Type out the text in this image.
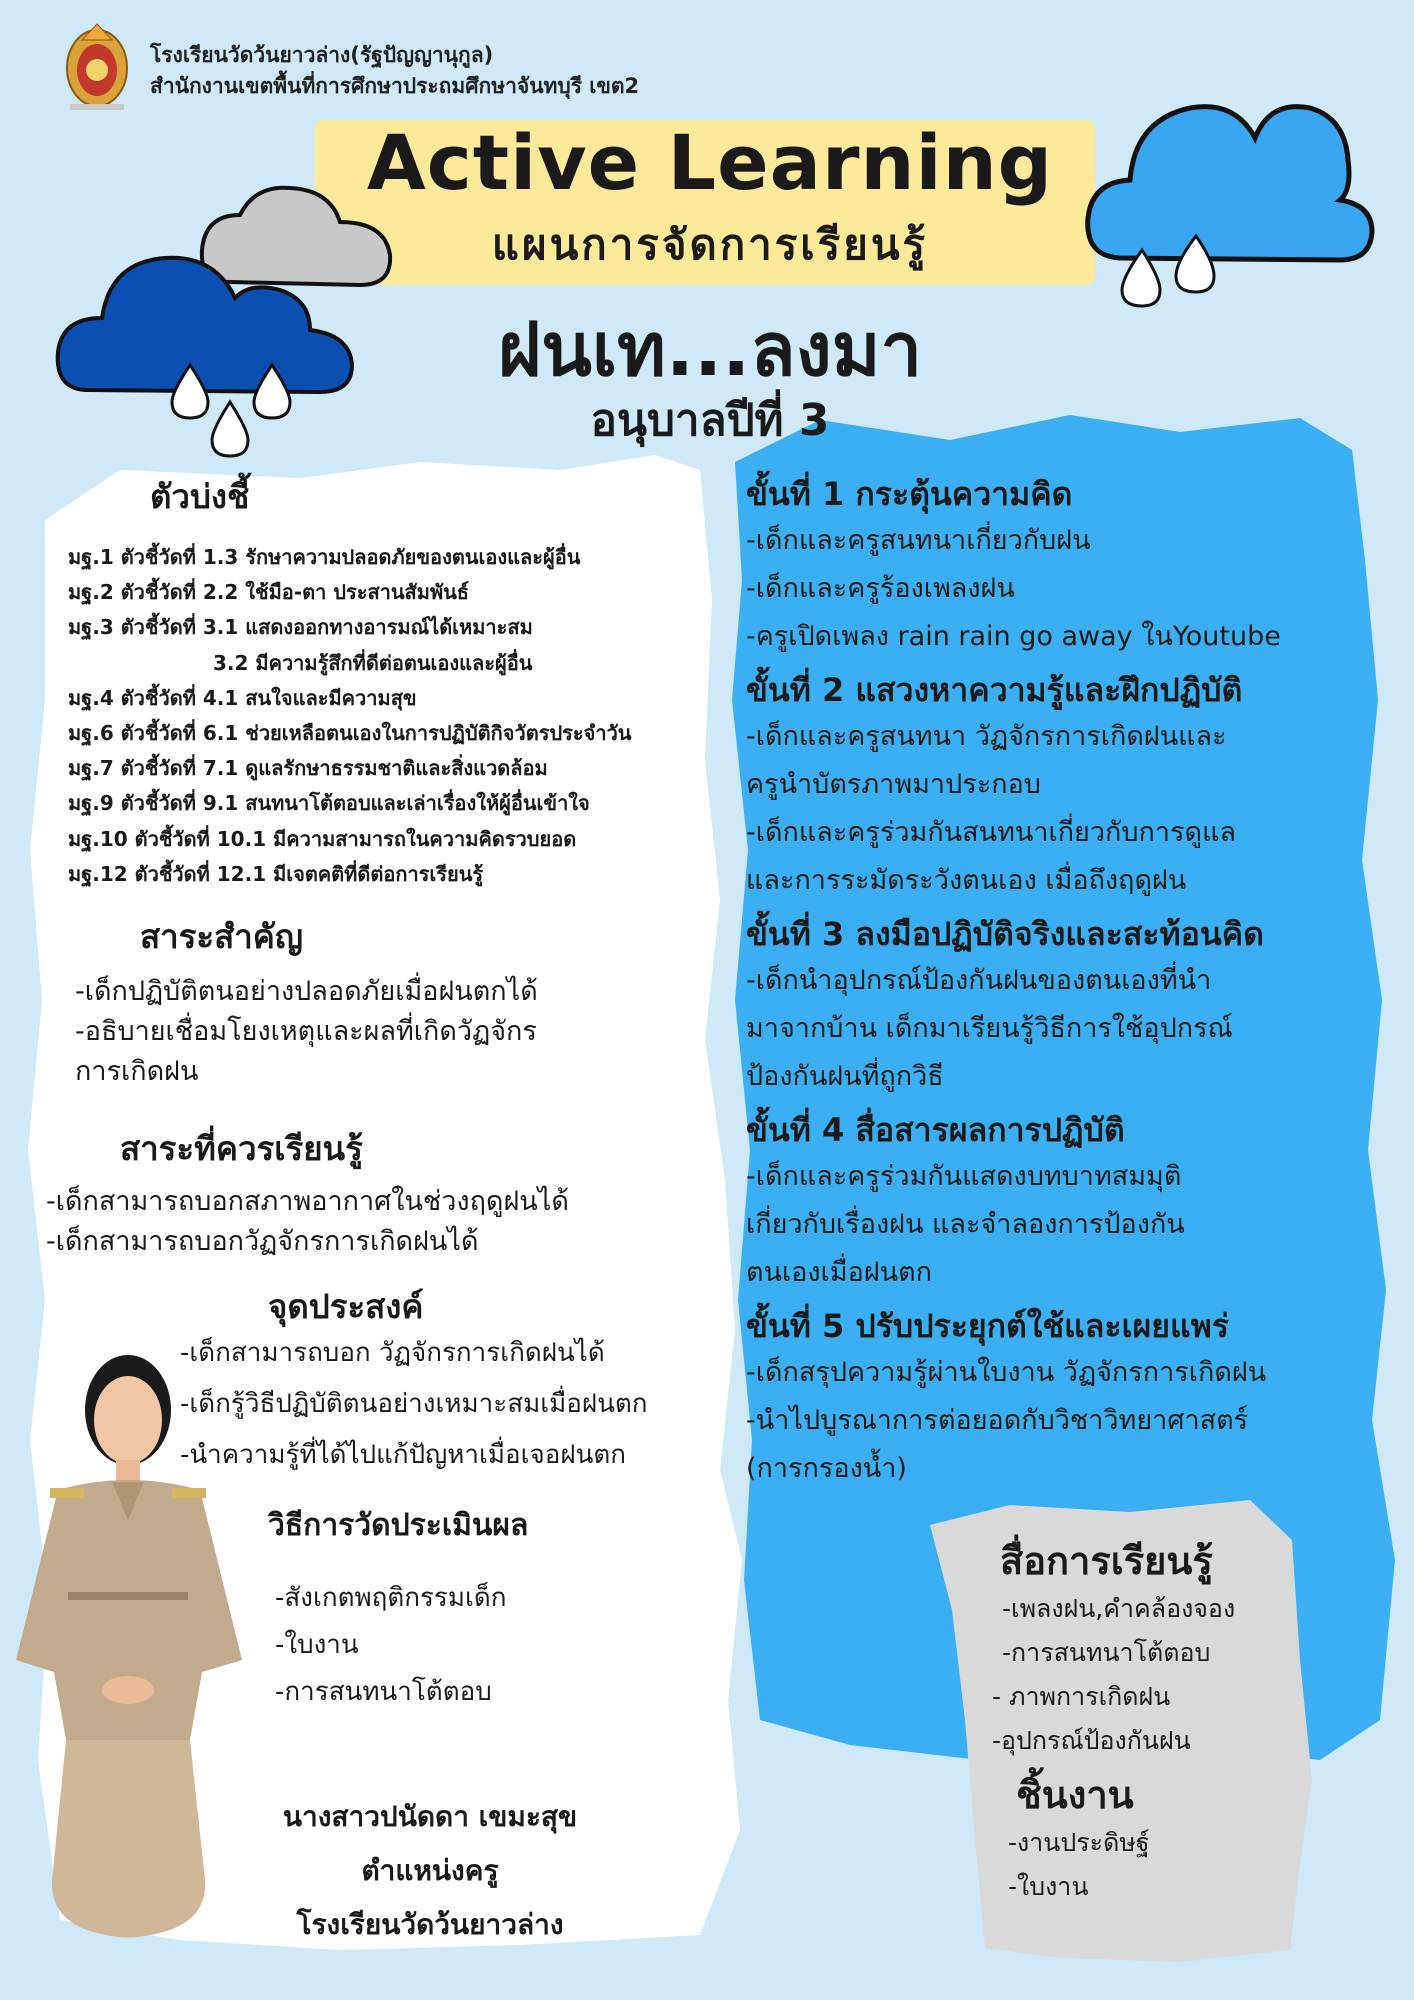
โรงเรียนวัดว้นยาวล่าง(รัฐปัญญานุกูล)
สำนักงานเขตพื้นที่การศึกษาประถมศึกษาจันทบุรี เขต2
Active Learning
แผนการจัดการเรียนรู้
ฝนเท...ลงมา
อนุบาลปีที่ 3
ตัวบ่งชี้
มฐ.1 ตัวชี้วัดที่ 1.3 รักษาความปลอดภัยของตนเองและผู้อื่น
มฐ.2 ตัวชี้วัดที่ 2.2 ใช้มือ-ตา ประสานสัมพันธ์
มฐ.3 ตัวชี้วัดที่ 3.1 แสดงออกทางอารมณ์ได้เหมาะสม
3.2 มีความรู้สึกที่ดีต่อตนเองและผู้อื่น
มฐ.4 ตัวชี้วัดที่ 4.1 สนใจและมีความสุข
มฐ.6 ตัวชี้วัดที่ 6.1 ช่วยเหลือตนเองในการปฏิบัติกิจวัตรประจำวัน
มฐ.7 ตัวชี้วัดที่ 7.1 ดูแลรักษาธรรมชาติและสิ่งแวดล้อม
มฐ.9 ตัวชี้วัดที่ 9.1 สนทนาโต้ตอบและเล่าเรื่องให้ผู้อื่นเข้าใจ
มฐ.10 ตัวชี้วัดที่ 10.1 มีความสามารถในความคิดรวบยอด
มฐ.12 ตัวชี้วัดที่ 12.1 มีเจตคติที่ดีต่อการเรียนรู้
สาระสำคัญ
-เด็กปฏิบัติตนอย่างปลอดภัยเมื่อฝนตกได้
-อธิบายเชื่อมโยงเหตุและผลที่เกิดวัฏจักร
การเกิดฝน
สาระที่ควรเรียนรู้
-เด็กสามารถบอกสภาพอากาศในช่วงฤดูฝนได้
-เด็กสามารถบอกวัฏจักรการเกิดฝนได้
จุดประสงค์
-เด็กสามารถบอก วัฏจักรการเกิดฝนได้
-เด็กรู้วิธีปฏิบัติตนอย่างเหมาะสมเมื่อฝนตก
-นำความรู้ที่ได้ไปแก้ปัญหาเมื่อเจอฝนตก
วิธีการวัดประเมินผล
-สังเกตพฤติกรรมเด็ก
-ใบงาน
-การสนทนาโต้ตอบ
นางสาวปนัดดา เขมะสุข
ตำแหน่งครู
โรงเรียนวัดว้นยาวล่าง
ขั้นที่ 1 กระตุ้นความคิด
-เด็กและครูสนทนาเกี่ยวกับฝน
-เด็กและครูร้องเพลงฝน
-ครูเปิดเพลง rain rain go away ในYoutube
ขั้นที่ 2 แสวงหาความรู้และฝึกปฏิบัติ
-เด็กและครูสนทนา วัฏจักรการเกิดฝนและ
ครูนำบัตรภาพมาประกอบ
-เด็กและครูร่วมกันสนทนาเกี่ยวกับการดูแล
และการระมัดระวังตนเอง เมื่อถึงฤดูฝน
ขั้นที่ 3 ลงมือปฏิบัติจริงและสะท้อนคิด
-เด็กนำอุปกรณ์ป้องกันฝนของตนเองที่นำ
มาจากบ้าน เด็กมาเรียนรู้วิธีการใช้อุปกรณ์
ป้องกันฝนที่ถูกวิธี
ขั้นที่ 4 สื่อสารผลการปฏิบัติ
-เด็กและครูร่วมกันแสดงบทบาทสมมุติ
เกี่ยวกับเรื่องฝน และจำลองการป้องกัน
ตนเองเมื่อฝนตก
ขั้นที่ 5 ปรับประยุกต์ใช้และเผยแพร่
-เด็กสรุปความรู้ผ่านใบงาน วัฏจักรการเกิดฝน
-นำไปบูรณาการต่อยอดกับวิชาวิทยาศาสตร์
(การกรองน้ำ)
สื่อการเรียนรู้
-เพลงฝน,คำคล้องจอง
-การสนทนาโต้ตอบ
- ภาพการเกิดฝน
-อุปกรณ์ป้องกันฝน
ชิ้นงาน
-งานประดิษฐ์
-ใบงาน
